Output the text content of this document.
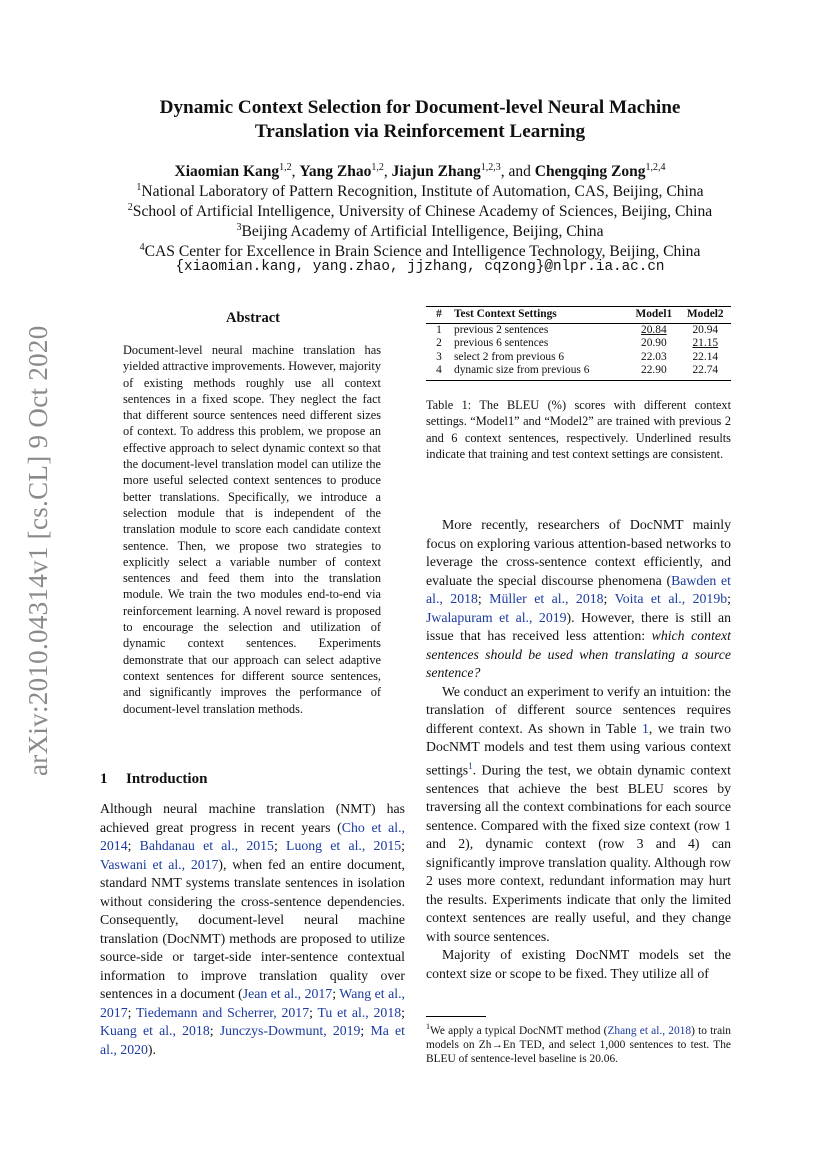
arXiv:2010.04314v1 [cs.CL] 9 Oct 2020
Dynamic Context Selection for Document-level Neural Machine
Translation via Reinforcement Learning
Xiaomian Kang$^{1,2}$, Yang Zhao$^{1,2}$, Jiajun Zhang$^{1,2,3}$, and Chengqing Zong$^{1,2,4}$
$^1$National Laboratory of Pattern Recognition, Institute of Automation, CAS, Beijing, China
$^2$School of Artificial Intelligence, University of Chinese Academy of Sciences, Beijing, China
$^3$Beijing Academy of Artificial Intelligence, Beijing, China
$^4$CAS Center for Excellence in Brain Science and Intelligence Technology, Beijing, China
{xiaomian.kang, yang.zhao, jjzhang, cqzong}@nlpr.ia.ac.cn
Abstract
Document-level neural machine translation has yielded attractive improvements. However, majority of existing methods roughly use all context sentences in a fixed scope. They neglect the fact that different source sentences need different sizes of context. To address this problem, we propose an effective approach to select dynamic context so that the document-level translation model can utilize the more useful selected context sentences to produce better translations. Specifically, we introduce a selection module that is independent of the translation module to score each candidate context sentence. Then, we propose two strategies to explicitly select a variable number of context sentences and feed them into the translation module. We train the two modules end-to-end via reinforcement learning. A novel reward is proposed to encourage the selection and utilization of dynamic context sentences. Experiments demonstrate that our approach can select adaptive context sentences for different source sentences, and significantly improves the performance of document-level translation methods.
1 Introduction
Although neural machine translation (NMT) has achieved great progress in recent years (Cho et al., 2014; Bahdanau et al., 2015; Luong et al., 2015; Vaswani et al., 2017), when fed an entire document, standard NMT systems translate sentences in isolation without considering the cross-sentence dependencies. Consequently, document-level neural machine translation (DocNMT) methods are proposed to utilize source-side or target-side inter-sentence contextual information to improve translation quality over sentences in a document (Jean et al., 2017; Wang et al., 2017; Tiedemann and Scherrer, 2017; Tu et al., 2018; Kuang et al., 2018; Junczys-Dowmunt, 2019; Ma et al., 2020).
#	Test Context Settings	Model1	Model2
1	previous 2 sentences	20.84	20.94
2	previous 6 sentences	20.90	21.15
3	select 2 from previous 6	22.03	22.14
4	dynamic size from previous 6	22.90	22.74
Table 1: The BLEU (%) scores with different context settings. “Model1” and “Model2” are trained with previous 2 and 6 context sentences, respectively. Underlined results indicate that training and test context settings are consistent.

More recently, researchers of DocNMT mainly focus on exploring various attention-based networks to leverage the cross-sentence context efficiently, and evaluate the special discourse phenomena (Bawden et al., 2018; Müller et al., 2018; Voita et al., 2019b; Jwalapuram et al., 2019). However, there is still an issue that has received less attention: which context sentences should be used when translating a source sentence?

We conduct an experiment to verify an intuition: the translation of different source sentences requires different context. As shown in Table 1, we train two DocNMT models and test them using various context settings$^1$. During the test, we obtain dynamic context sentences that achieve the best BLEU scores by traversing all the context combinations for each source sentence. Compared with the fixed size context (row 1 and 2), dynamic context (row 3 and 4) can significantly improve translation quality. Although row 2 uses more context, redundant information may hurt the results. Experiments indicate that only the limited context sentences are really useful, and they change with source sentences.

Majority of existing DocNMT models set the context size or scope to be fixed. They utilize all of

$^1$We apply a typical DocNMT method (Zhang et al., 2018) to train models on Zh→En TED, and select 1,000 sentences to test. The BLEU of sentence-level baseline is 20.06.
